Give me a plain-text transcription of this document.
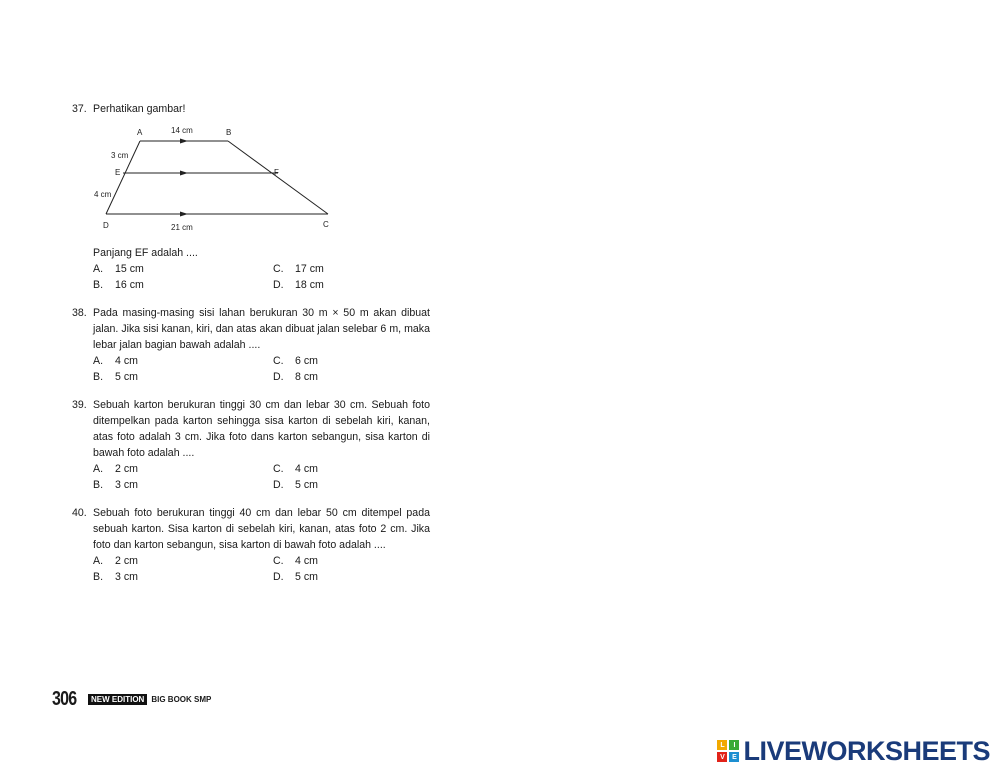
37. Perhatikan gambar!
A	B
C
D
E	F
14 cm
21 cm
3 cm
4 cm
Panjang EF adalah ....
A. 15 cm	C. 17 cm
B. 16 cm	D. 18 cm
38. Pada masing-masing sisi lahan berukuran 30 m × 50 m akan dibuat jalan. Jika sisi kanan, kiri, dan atas akan dibuat jalan selebar 6 m, maka lebar jalan bagian bawah adalah ....
A. 4 cm	C. 6 cm
B. 5 cm	D. 8 cm
39. Sebuah karton berukuran tinggi 30 cm dan lebar 30 cm. Sebuah foto ditempelkan pada karton sehingga sisa karton di sebelah kiri, kanan, atas foto adalah 3 cm. Jika foto dans karton sebangun, sisa karton di bawah foto adalah ....
A. 2 cm	C. 4 cm
B. 3 cm	D. 5 cm
40. Sebuah foto berukuran tinggi 40 cm dan lebar 50 cm ditempel pada sebuah karton. Sisa karton di sebelah kiri, kanan, atas foto 2 cm. Jika foto dan karton sebangun, sisa karton di bawah foto adalah ....
A. 2 cm	C. 4 cm
B. 3 cm	D. 5 cm
306	NEW EDITION BIG BOOK SMP
L	I
V	E LIVEWORKSHEETS
